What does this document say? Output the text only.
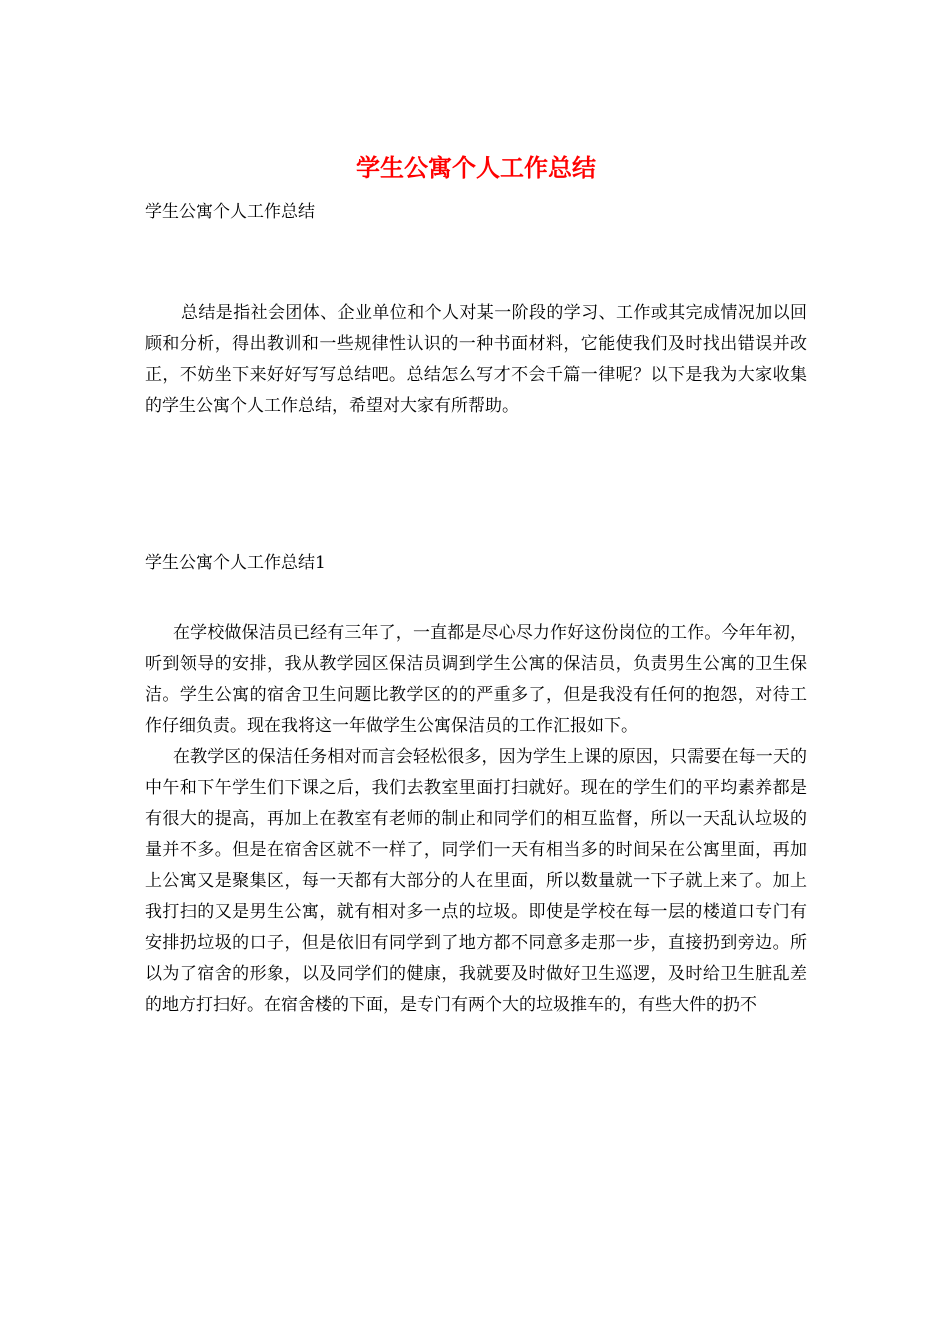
学生公寓个人工作总结

学生公寓个人工作总结

总结是指社会团体、企业单位和个人对某一阶段的学习、工作或其完成情况加以回顾和分析，得出教训和一些规律性认识的一种书面材料，它能使我们及时找出错误并改正，不妨坐下来好好写写总结吧。总结怎么写才不会千篇一律呢？以下是我为大家收集的学生公寓个人工作总结，希望对大家有所帮助。

学生公寓个人工作总结1

在学校做保洁员已经有三年了，一直都是尽心尽力作好这份岗位的工作。今年年初，听到领导的安排，我从教学园区保洁员调到学生公寓的保洁员，负责男生公寓的卫生保洁。学生公寓的宿舍卫生问题比教学区的的严重多了，但是我没有任何的抱怨，对待工作仔细负责。现在我将这一年做学生公寓保洁员的工作汇报如下。

在教学区的保洁任务相对而言会轻松很多，因为学生上课的原因，只需要在每一天的中午和下午学生们下课之后，我们去教室里面打扫就好。现在的学生们的平均素养都是有很大的提高，再加上在教室有老师的制止和同学们的相互监督，所以一天乱认垃圾的量并不多。但是在宿舍区就不一样了，同学们一天有相当多的时间呆在公寓里面，再加上公寓又是聚集区，每一天都有大部分的人在里面，所以数量就一下子就上来了。加上我打扫的又是男生公寓，就有相对多一点的垃圾。即使是学校在每一层的楼道口专门有安排扔垃圾的口子，但是依旧有同学到了地方都不同意多走那一步，直接扔到旁边。所以为了宿舍的形象，以及同学们的健康，我就要及时做好卫生巡逻，及时给卫生脏乱差的地方打扫好。在宿舍楼的下面，是专门有两个大的垃圾推车的，有些大件的扔不
